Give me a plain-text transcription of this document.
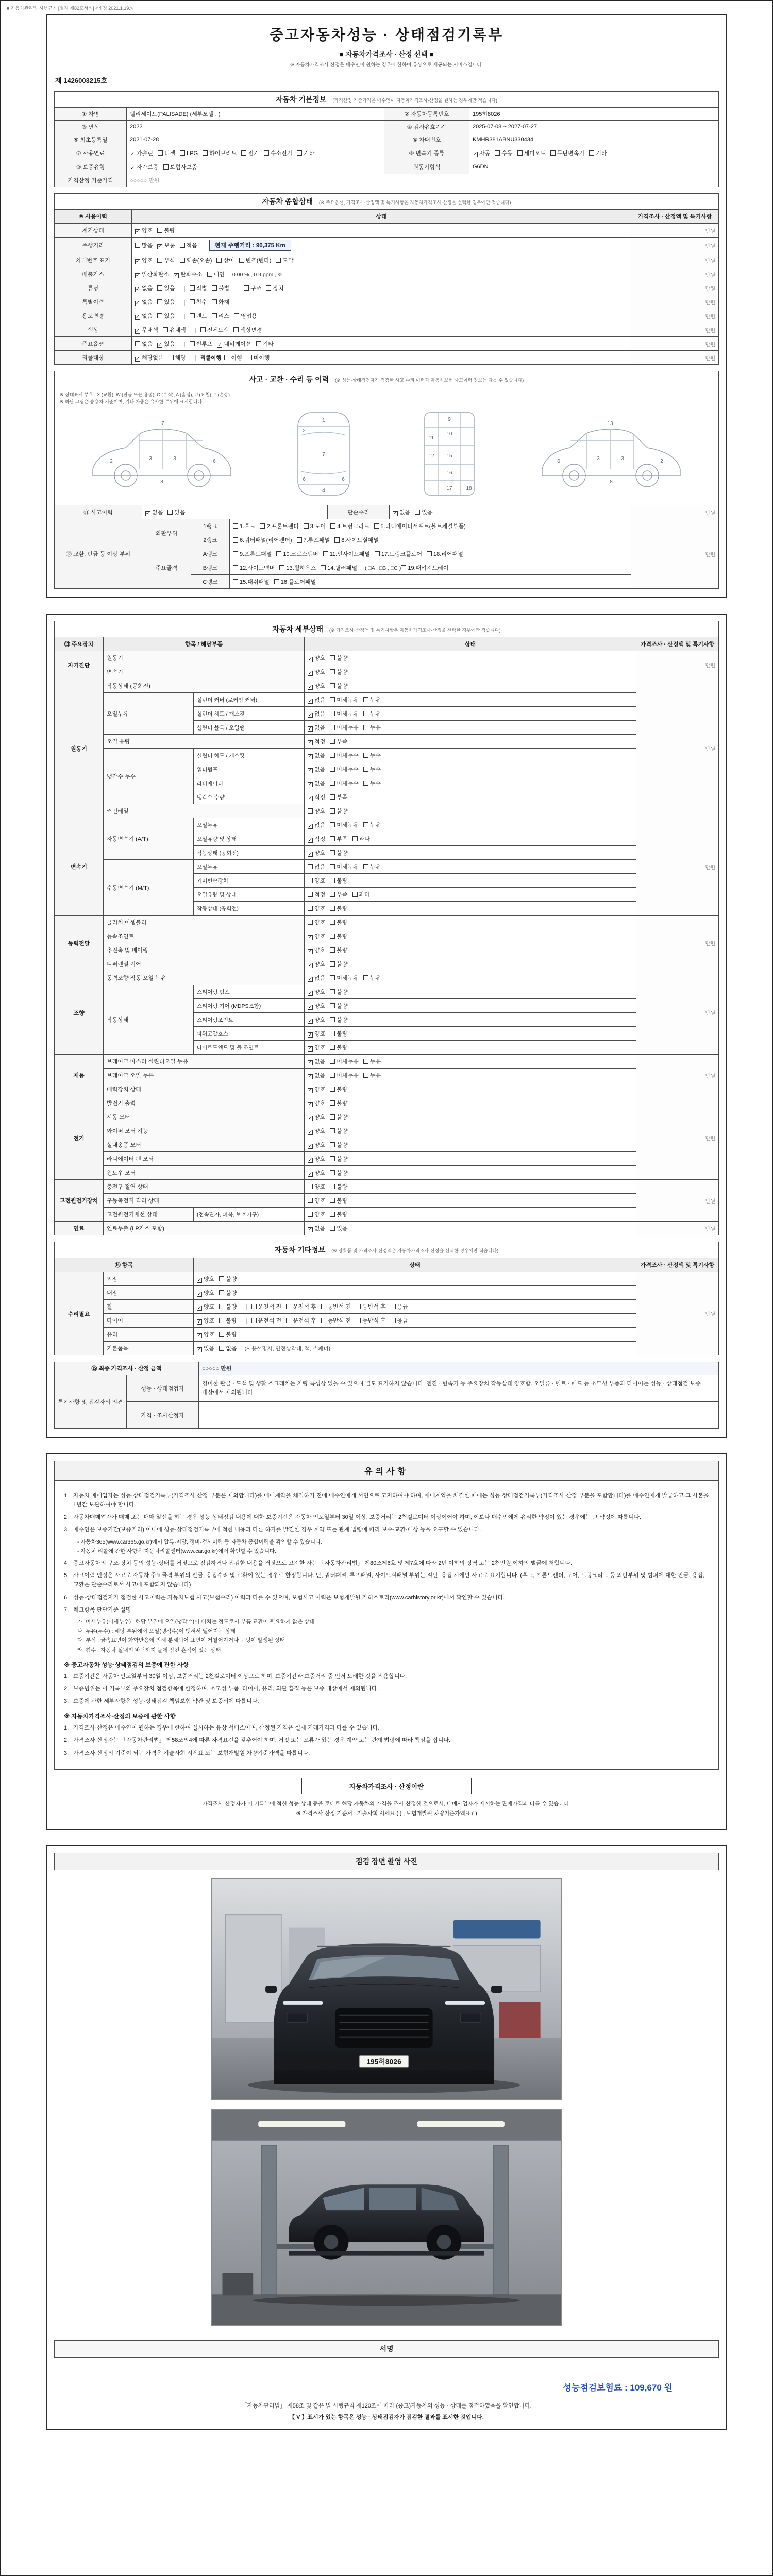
■ 자동차관리법 시행규칙 [별지 제82호서식] <개정 2021.1.19.>
중고자동차성능 · 상태점검기록부
■ 자동차가격조사 · 산정 선택 ■
※ 자동차가격조사·산정은 매수인이 원하는 경우에 한하여 유상으로 제공되는 서비스입니다.
제 1426003215호
자동차 기본정보 (가격산정 기준가격은 매수인이 자동차가격조사·산정을 원하는 경우에만 적습니다)
① 차명	펠리세이드(PALISADE) (세부모델 : )	② 자동차등록번호	195허8026
③ 연식	2022	④ 검사유효기간	2025-07-08 ~ 2027-07-27
⑤ 최초등록일	2021-07-28	⑥ 차대번호	KMHR381ABNU330434
⑦ 사용연료	✓ 가솔린 디젤 LPG 하이브리드 전기 수소전기 기타	⑧ 변속기 종류	✓ 자동 수동 세미오토 무단변속기 기타
⑨ 보증유형	✓ 자가보증 보험사보증	원동기형식	G6DN
가격산정 기준가격	○○○○○ 만원		
자동차 종합상태 (※ 주요옵션, 가격조사·산정액 및 특기사항은 자동차가격조사·산정을 선택한 경우에만 적습니다)
⑩ 사용이력	상태	가격조사 · 산정액 및 특기사항
계기상태	✓ 양호 불량	만원
주행거리	많음 ✓ 보통 적음 현재 주행거리 : 90,375 Km	만원
차대번호 표기	✓ 양호 부식 훼손(오손) 상이 변조(변타) 도말	만원
배출가스	✓ 일산화탄소 ✓ 탄화수소 매연 0.00 % , 0.9 ppm , %	만원
튜닝	✓ 없음 있음 적법 불법 구조 장치	만원
특별이력	✓ 없음 있음 침수 화재	만원
용도변경	✓ 없음 있음 렌트 리스 영업용	만원
색상	✓ 무채색 유채색 전체도색 색상변경	만원
주요옵션	없음 ✓ 있음 썬루프 ✓ 네비게이션 기타	만원
리콜대상	✓ 해당없음 해당 리콜이행 이행 미이행	만원
사고 · 교환 · 수리 등 이력 (※ 성능·상태점검자가 점검한 사고·수리 이력과 자동차보험 사고이력 정보는 다를 수 있습니다)
※ 상태표시 부호 : X (교환), W (판금 또는 용접), C (부식), A (흠집), U (요철), T (손상)
※ 하단 그림은 승용차 기준이며, 기타 차종은 유사한 부위에 표시합니다.
2	3	3	6
7
8
1
7
4
6	6
2
9
10
11
12 15
16
17	18
2
3
3
6
13
8
⑪ 사고이력	✓ 없음 있음	단순수리	✓ 없음 있음	만원
⑫ 교환, 판금 등 이상 부위	외판부위	1랭크	1.후드 2.프론트펜더 3.도어 4.트렁크리드 5.라디에이터서포트(볼트체결부품)	만원
		2랭크	6.쿼터패널(리어펜더) 7.루프패널 8.사이드실패널	
	주요골격	A랭크	9.프론트패널 10.크로스멤버 11.인사이드패널 17.트렁크플로어 18.리어패널	
		B랭크	12.사이드멤버 13.휠하우스 14.필러패널 ( □A , □B , □C ) 19.패키지트레이	
		C랭크	15.대쉬패널 16.플로어패널	
자동차 세부상태 (※ 가격조사·산정액 및 특기사항은 자동차가격조사·산정을 선택한 경우에만 적습니다)
⑬ 주요장치	항목 / 해당부품		상태	가격조사 · 산정액 및 특기사항
자기진단	원동기		✓ 양호 불량	만원
	변속기		✓ 양호 불량	
원동기	작동상태 (공회전)		✓ 양호 불량	만원
	오일누유	실린더 커버 (로커암 커버)	✓ 없음 미세누유 누유	
		실린더 헤드 / 개스킷	✓ 없음 미세누유 누유	
		실린더 블록 / 오일팬	✓ 없음 미세누유 누유	
	오일 유량		✓ 적정 부족	
	냉각수 누수	실린더 헤드 / 개스킷	✓ 없음 미세누수 누수	
		워터펌프	✓ 없음 미세누수 누수	
		라디에이터	✓ 없음 미세누수 누수	
		냉각수 수량	✓ 적정 부족	
	커먼레일		양호 불량	
변속기	자동변속기 (A/T)	오일누유	✓ 없음 미세누유 누유	만원
		오일유량 및 상태	✓ 적정 부족 과다	
		작동상태 (공회전)	✓ 양호 불량	
	수동변속기 (M/T)	오일누유	없음 미세누유 누유	
		기어변속장치	양호 불량	
		오일유량 및 상태	적정 부족 과다	
		작동상태 (공회전)	양호 불량	
동력전달	클러치 어셈블리		양호 불량	만원
	등속조인트		✓ 양호 불량	
	추진축 및 베어링		✓ 양호 불량	
	디퍼렌셜 기어		✓ 양호 불량	
조향	동력조향 작동 오일 누유		✓ 없음 미세누유 누유	만원
	작동상태	스티어링 펌프	✓ 양호 불량	
		스티어링 기어 (MDPS포함)	✓ 양호 불량	
		스티어링조인트	✓ 양호 불량	
		파워고압호스	✓ 양호 불량	
		타이로드엔드 및 볼 조인트	✓ 양호 불량	
제동	브레이크 마스터 실린더오일 누유		✓ 없음 미세누유 누유	만원
	브레이크 오일 누유		✓ 없음 미세누유 누유	
	배력장치 상태		✓ 양호 불량	
전기	발전기 출력		✓ 양호 불량	만원
	시동 모터		✓ 양호 불량	
	와이퍼 모터 기능		✓ 양호 불량	
	실내송풍 모터		✓ 양호 불량	
	라디에이터 팬 모터		✓ 양호 불량	
	윈도우 모터		✓ 양호 불량	
고전원전기장치	충전구 절연 상태		양호 불량	만원
	구동축전지 격리 상태		양호 불량	
	고전원전기배선 상태	(접속단자, 피복, 보호기구)	양호 불량	
연료	연료누출 (LP가스 포함)		✓ 없음 있음	만원
자동차 기타정보 (※ 장착품 및 가격조사·산정액은 자동차가격조사·산정을 선택한 경우에만 적습니다)
⑭ 항목		상태	가격조사 · 산정액 및 특기사항
수리필요	외장	✓ 양호 불량	만원
	내장	✓ 양호 불량	
	휠	✓ 양호 불량 운전석 전 운전석 후 동반석 전 동반석 후 응급	
	타이어	✓ 양호 불량 운전석 전 운전석 후 동반석 전 동반석 후 응급	
	유리	✓ 양호 불량	
	기본품목	✓ 있음 없음 (사용설명서, 안전삼각대, 잭, 스패너)	
⑮ 최종 가격조사 · 산정 금액	○○○○○ 만원
특기사항 및 점검자의 의견	성능 · 상태점검자	경미한 판금 · 도색 및 생활 스크래치는 차량 특성상 있을 수 있으며 별도 표기하지 않습니다. 엔진 · 변속기 등 주요장치 작동상태 양호함. 오일류 · 벨트 · 패드 등 소모성 부품과 타이어는 성능 · 상태점검 보증 대상에서 제외됩니다.
	가격 · 조사산정자	
유의사항
1. 자동차 매매업자는 성능·상태점검기록부(가격조사·산정 부분은 제외합니다)를 매매계약을 체결하기 전에 매수인에게 서면으로 고지하여야 하며, 매매계약을 체결한 때에는 성능·상태점검기록부(가격조사·산정 부분을 포함합니다)를 매수인에게 발급하고 그 사본을 1년간 보관하여야 합니다.
2. 자동차매매업자가 매매 또는 매매 알선을 하는 경우 성능·상태점검 내용에 대한 보증기간은 자동차 인도일부터 30일 이상, 보증거리는 2천킬로미터 이상이어야 하며, 이보다 매수인에게 유리한 약정이 있는 경우에는 그 약정에 따릅니다.
3. 매수인은 보증기간(보증거리) 이내에 성능·상태점검기록부에 적힌 내용과 다른 하자를 발견한 경우 계약 또는 관계 법령에 따라 보수·교환·배상 등을 요구할 수 있습니다.
- 자동차365(www.car365.go.kr)에서 압류·저당, 정비·검사이력 등 자동차 종합이력을 확인할 수 있습니다.
- 자동차 리콜에 관한 사항은 자동차리콜센터(www.car.go.kr)에서 확인할 수 있습니다.
4. 중고자동차의 구조·장치 등의 성능·상태를 거짓으로 점검하거나 점검한 내용을 거짓으로 고지한 자는 「자동차관리법」 제80조제6호 및 제7호에 따라 2년 이하의 징역 또는 2천만원 이하의 벌금에 처합니다.
5. 사고이력 인정은 사고로 자동차 주요골격 부위의 판금, 용접수리 및 교환이 있는 경우로 한정합니다. 단, 쿼터패널, 루프패널, 사이드실패널 부위는 절단, 용접 시에만 사고로 표기합니다. (후드, 프론트펜더, 도어, 트렁크리드 등 외판부위 및 범퍼에 대한 판금, 용접, 교환은 단순수리로서 사고에 포함되지 않습니다)
6. 성능·상태점검자가 점검한 사고이력은 자동차보험 사고(보험수리) 이력과 다를 수 있으며, 보험사고 이력은 보험개발원 카히스토리(www.carhistory.or.kr)에서 확인할 수 있습니다.
7. 체크항목 판단기준 설명
가. 미세누유(미세누수) : 해당 부위에 오일(냉각수)이 비치는 정도로서 부품 교환이 필요하지 않은 상태
나. 누유(누수) : 해당 부위에서 오일(냉각수)이 맺혀서 떨어지는 상태
다. 부식 : 금속표면이 화학반응에 의해 분해되어 표면이 거칠어지거나 구멍이 발생된 상태
라. 침수 : 자동차 실내의 바닥까지 물에 잠긴 흔적이 있는 상태
※ 중고자동차 성능·상태점검의 보증에 관한 사항
1. 보증기간은 자동차 인도일부터 30일 이상, 보증거리는 2천킬로미터 이상으로 하며, 보증기간과 보증거리 중 먼저 도래한 것을 적용합니다.
2. 보증범위는 이 기록부의 주요장치 점검항목에 한정하며, 소모성 부품, 타이어, 유리, 외관 흠집 등은 보증 대상에서 제외됩니다.
3. 보증에 관한 세부사항은 성능·상태점검 책임보험 약관 및 보증서에 따릅니다.
※ 자동차가격조사·산정의 보증에 관한 사항
1. 가격조사·산정은 매수인이 원하는 경우에 한하여 실시하는 유상 서비스이며, 산정된 가격은 실제 거래가격과 다를 수 있습니다.
2. 가격조사·산정자는 「자동차관리법」 제58조의4에 따른 자격요건을 갖추어야 하며, 거짓 또는 오류가 있는 경우 계약 또는 관계 법령에 따라 책임을 집니다.
3. 가격조사·산정의 기준이 되는 가격은 기술사회 시세표 또는 보험개발원 차량기준가액을 따릅니다.
자동차가격조사 · 산정이란
가격조사·산정자가 이 기록부에 적힌 성능·상태 등을 토대로 해당 자동차의 가격을 조사·산정한 것으로서, 매매사업자가 제시하는 판매가격과 다를 수 있습니다.
※ 가격조사·산정 기준서 : 기술사회 시세표 ( ) , 보험개발원 차량기준가액표 ( )
점검 장면 촬영 사진
195허8026
서명
성능점검보험료 : 109,670 원
「자동차관리법」 제58조 및 같은 법 시행규칙 제120조에 따라 (중고)자동차의 성능 · 상태를 점검하였음을 확인합니다.
【 V 】표시가 있는 항목은 성능 · 상태점검자가 점검한 결과를 표시한 것입니다.
